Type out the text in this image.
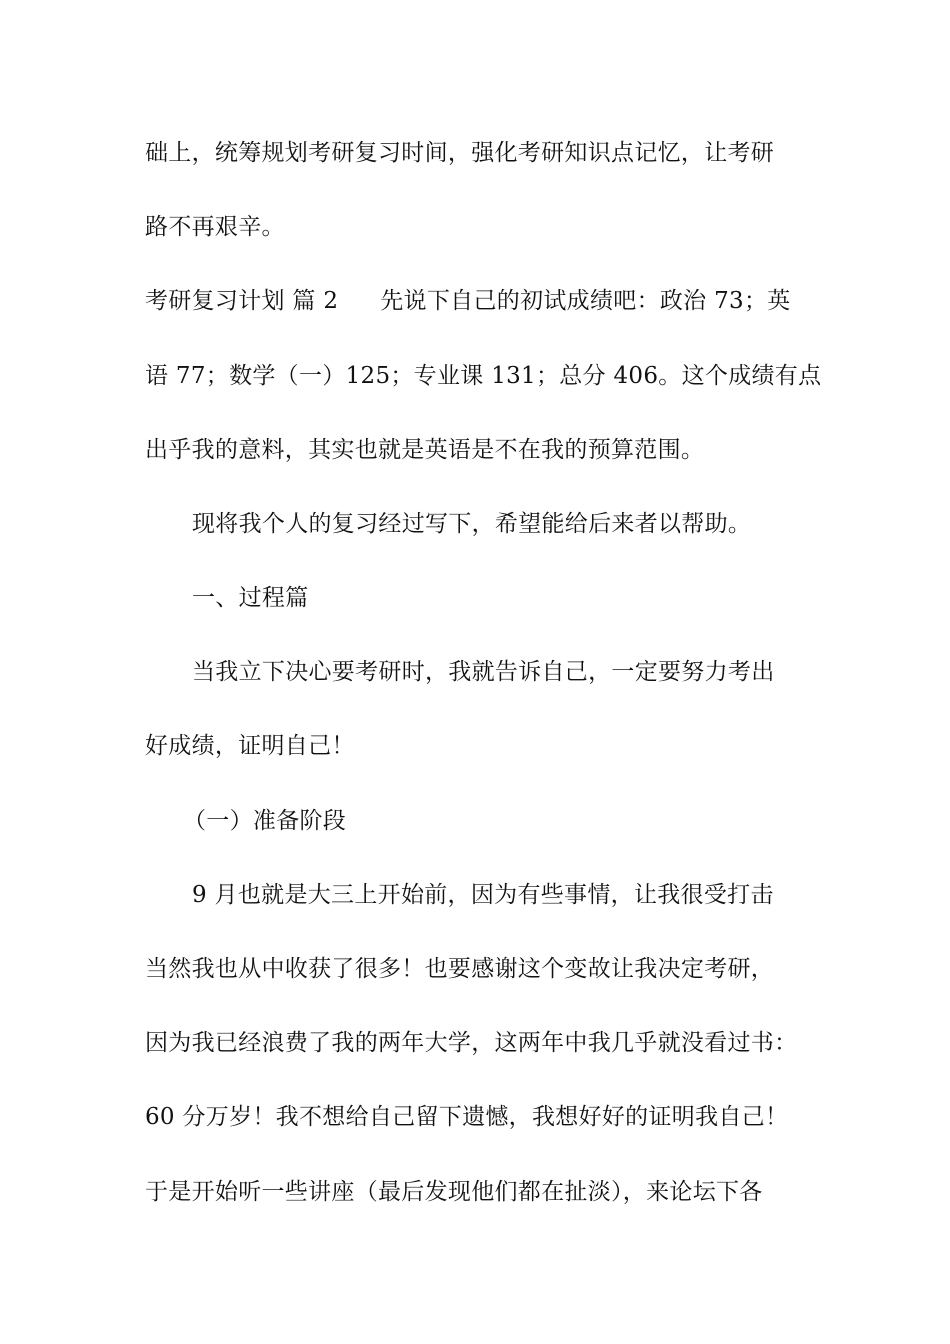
础上，统筹规划考研复习时间，强化考研知识点记忆，让考研
路不再艰辛。
考研复习计划 篇 2 先说下自己的初试成绩吧：政治 73；英
语 77；数学（一）125；专业课 131；总分 406。这个成绩有点
出乎我的意料，其实也就是英语是不在我的预算范围。
现将我个人的复习经过写下，希望能给后来者以帮助。
一、过程篇
当我立下决心要考研时，我就告诉自己，一定要努力考出
好成绩，证明自己！
（一）准备阶段
9 月也就是大三上开始前，因为有些事情，让我很受打击
当然我也从中收获了很多！也要感谢这个变故让我决定考研，
因为我已经浪费了我的两年大学，这两年中我几乎就没看过书：
60 分万岁！我不想给自己留下遗憾，我想好好的证明我自己！
于是开始听一些讲座（最后发现他们都在扯淡），来论坛下各
